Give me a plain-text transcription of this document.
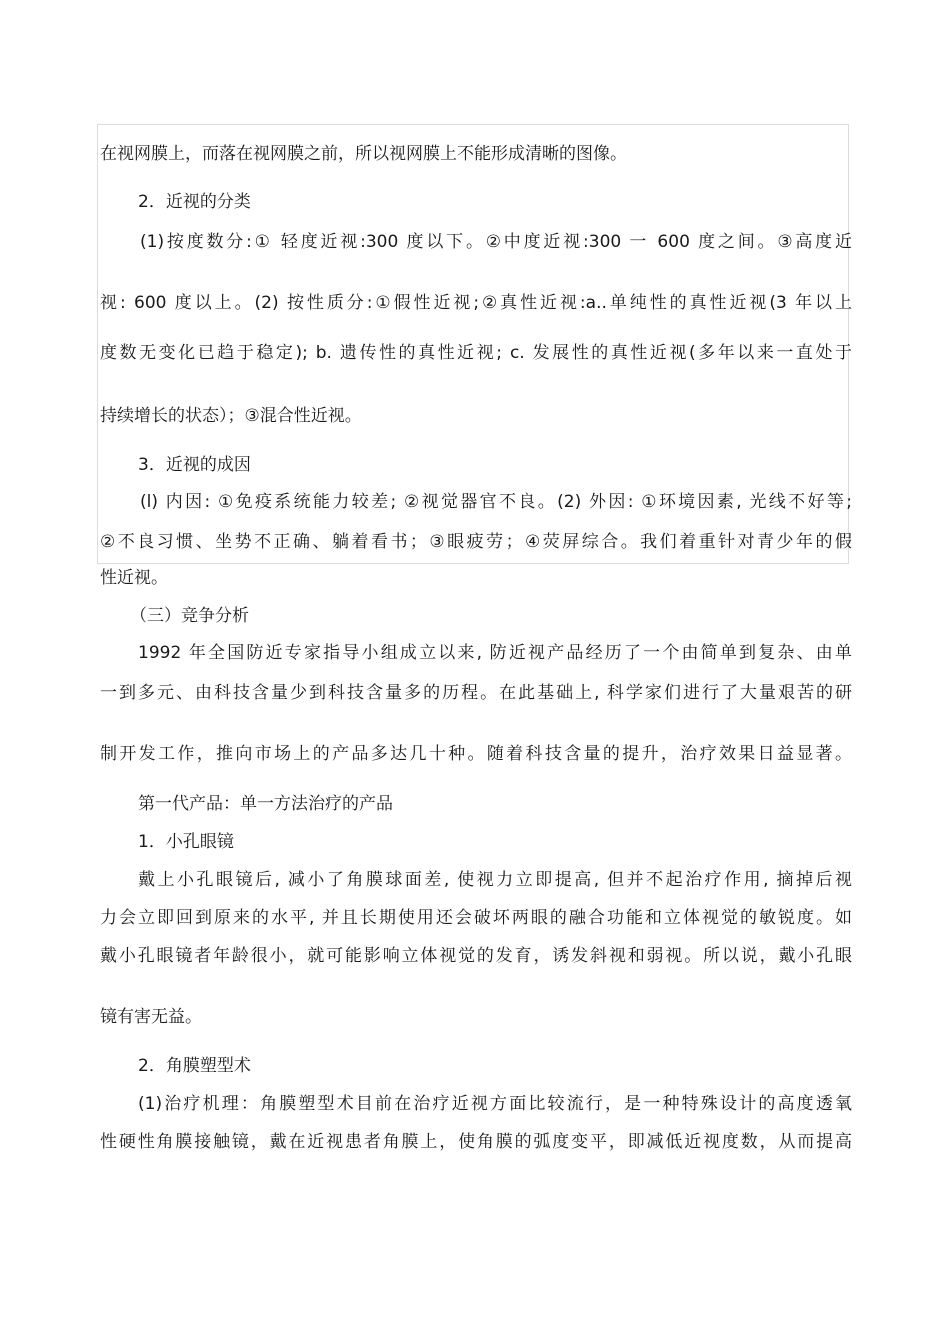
在视网膜上，而落在视网膜之前，所以视网膜上不能形成清晰的图像。
2．近视的分类
(1)按度数分:① 轻度近视:300 度以下。②中度近视:300 一 600 度之间。③高度近
视: 600 度以上。(2) 按性质分:①假性近视;②真性近视:a..单纯性的真性近视(3 年以上
度数无变化已趋于稳定); b. 遗传性的真性近视; c. 发展性的真性近视(多年以来一直处于
持续增长的状态）；③混合性近视。
3．近视的成因
(l) 内因: ①免疫系统能力较差; ②视觉器官不良。(2) 外因: ①环境因素, 光线不好等;
②不良习惯、坐势不正确、躺着看书；③眼疲劳；④荧屏综合。我们着重针对青少年的假
性近视。
（三）竞争分析
1992 年全国防近专家指导小组成立以来, 防近视产品经历了一个由简单到复杂、由单
一到多元、由科技含量少到科技含量多的历程。在此基础上, 科学家们进行了大量艰苦的研
制开发工作，推向市场上的产品多达几十种。随着科技含量的提升，治疗效果日益显著。
第一代产品：单一方法治疗的产品
1．小孔眼镜
戴上小孔眼镜后, 减小了角膜球面差, 使视力立即提高, 但并不起治疗作用, 摘掉后视
力会立即回到原来的水平, 并且长期使用还会破坏两眼的融合功能和立体视觉的敏锐度。如
戴小孔眼镜者年龄很小，就可能影响立体视觉的发育，诱发斜视和弱视。所以说，戴小孔眼
镜有害无益。
2．角膜塑型术
(1)治疗机理：角膜塑型术目前在治疗近视方面比较流行，是一种特殊设计的高度透氧
性硬性角膜接触镜，戴在近视患者角膜上，使角膜的弧度变平，即减低近视度数，从而提高
